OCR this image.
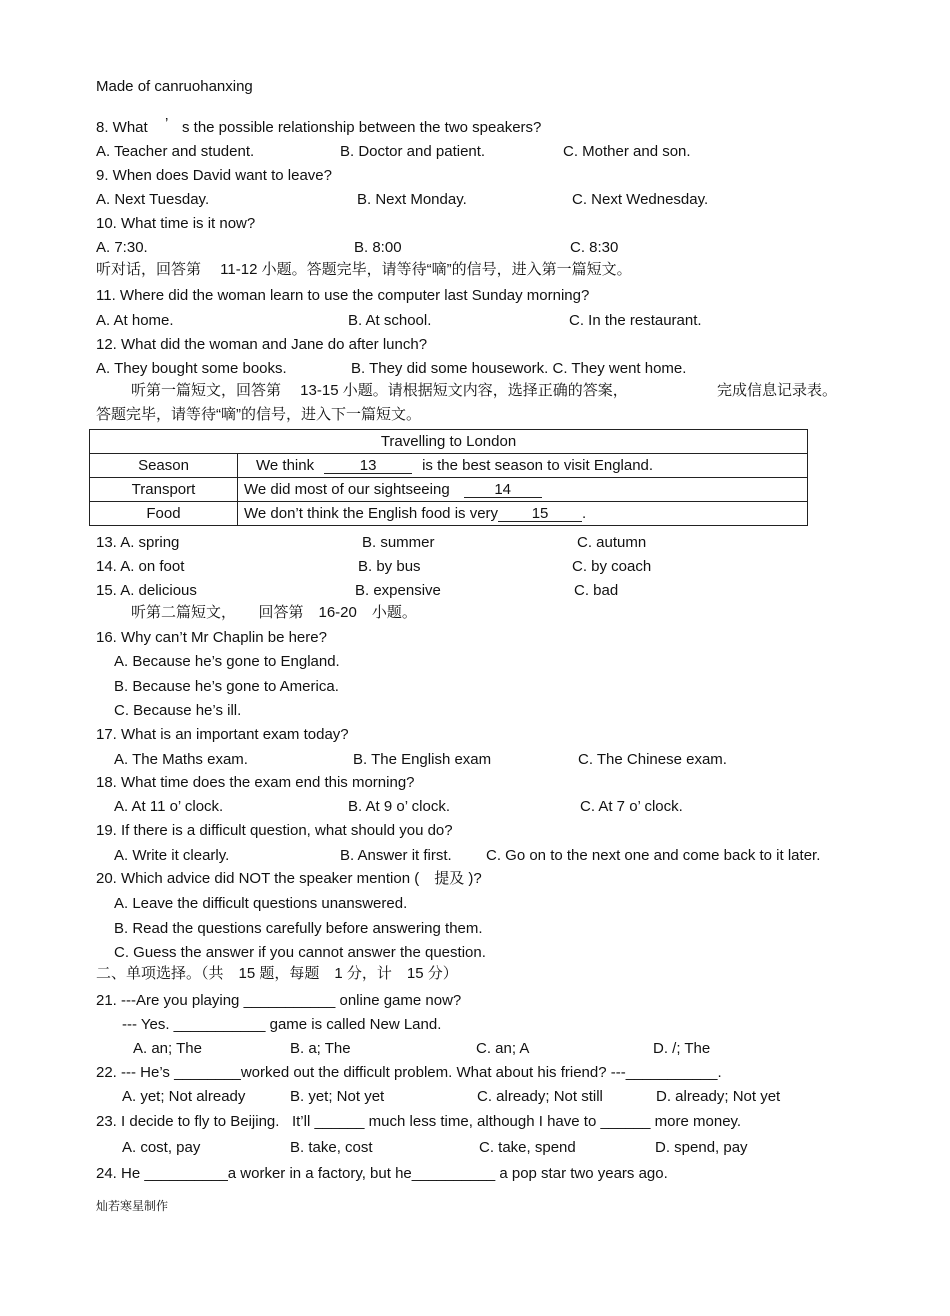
Made of canruohanxing
8. What ’ s the possible relationship between the two speakers?
A. Teacher and student.	B. Doctor and patient.	C. Mother and son.
9. When does David want to leave?
A. Next Tuesday.	B. Next Monday.	C. Next Wednesday.
10. What time is it now?
A. 7:30.	B. 8:00	C. 8:30
听对话，回答第　 11-12 小题。答题完毕，请等待“嘀”的信号，进入第一篇短文。
11. Where did the woman learn to use the computer last Sunday morning?
A. At home.	B. At school.	C. In the restaurant.
12. What did the woman and Jane do after lunch?
A. They bought some books.	B. They did some housework. C. They went home.
听第一篇短文，回答第　 13-15 小题。请根据短文内容，选择正确的答案，	完成信息记录表。
答题完毕，请等待“嘀”的信号，进入下一篇短文。
Travelling to London	
Season	We think 13 is the best season to visit England.
Transport	We did most of our sightseeing 14
Food	We don’t think the English food is very 15 .
13. A. spring	B. summer	C. autumn
14. A. on foot	B. by bus	C. by coach
15. A. delicious	B. expensive	C. bad
听第二篇短文，　　回答第　16-20　小题。
16. Why can’t Mr Chaplin be here?
A. Because he’s gone to England.
B. Because he’s gone to America.
C. Because he’s ill.
17. What is an important exam today?
A. The Maths exam.	B. The English exam	C. The Chinese exam.
18. What time does the exam end this morning?
A. At 11 o’ clock.	B. At 9 o’ clock.	C. At 7 o’ clock.
19. If there is a difficult question, what should you do?
A. Write it clearly.	B. Answer it first. C. Go on to the next one and come back to it later.
20. Which advice did NOT the speaker mention (　提及 )?
A. Leave the difficult questions unanswered.
B. Read the questions carefully before answering them.
C. Guess the answer if you cannot answer the question.
二、单项选择。（共　15 题，每题　1 分，计　15 分）
21. ---Are you playing ___________ online game now?
--- Yes. ___________ game is called New Land.
A. an; The	B. a; The	C. an; A	D. /; The
22. --- He’s ________worked out the difficult problem. What about his friend? ---___________.
A. yet; Not already	B. yet; Not yet	C. already; Not still	D. already; Not yet
23. I decide to fly to Beijing.   It’ll ______ much less time, although I have to ______ more money.
A. cost, pay	B. take, cost	C. take, spend	D. spend, pay
24. He __________a worker in a factory, but he__________ a pop star two years ago.
灿若寒星制作
